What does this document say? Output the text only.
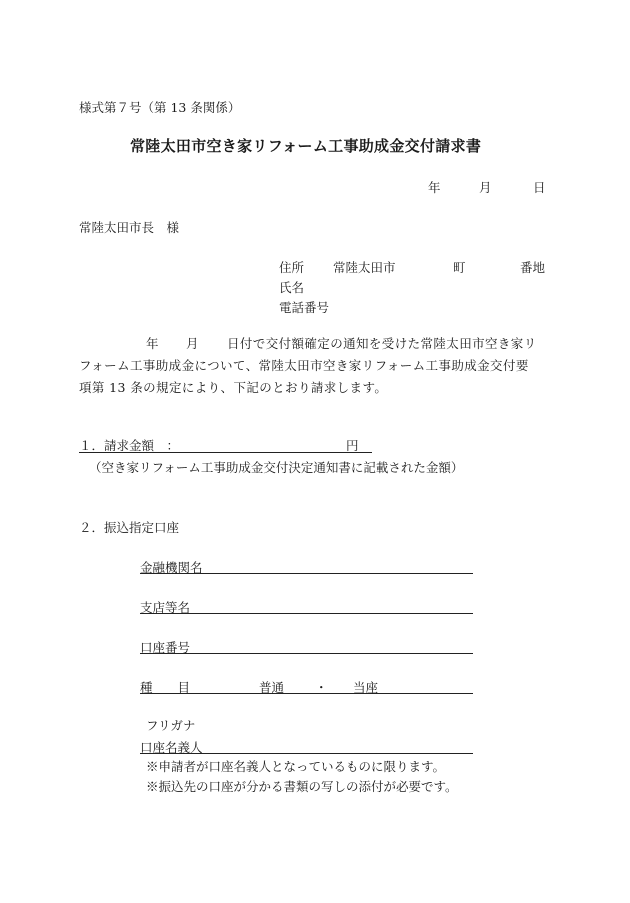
様式第７号（第 13 条関係）
常陸太田市空き家リフォーム工事助成金交付請求書
年	月	日
常陸太田市長　様
住所 常陸太田市	町	番地
氏名
電話番号
年 月 日付で交付額確定の通知を受けた常陸太田市空き家リ
フォーム工事助成金について、常陸太田市空き家リフォーム工事助成金交付要
項第 13 条の規定により、下記のとおり請求します。
１．請求金額　：	円
（空き家リフォーム工事助成金交付決定通知書に記載された金額）
２．振込指定口座
金融機関名
支店等名
口座番号
種　　目	普通 ・ 当座
フリガナ
口座名義人
※申請者が口座名義人となっているものに限ります。
※振込先の口座が分かる書類の写しの添付が必要です。
